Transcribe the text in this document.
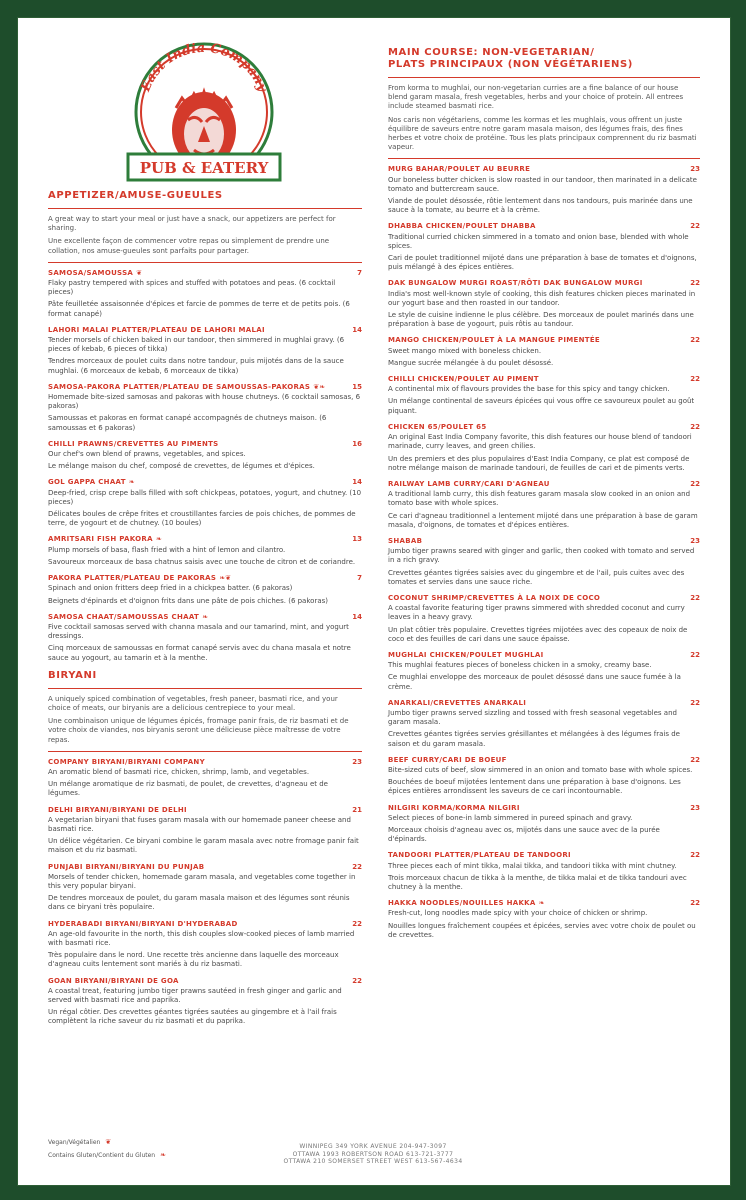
East India Company
PUB & EATERY
APPETIZER/AMUSE-GUEULES

A great way to start your meal or just have a snack, our appetizers are perfect for sharing.

Une excellente façon de commencer votre repas ou simplement de prendre une collation, nos amuse-gueules sont parfaits pour partager.

SAMOSA/SAMOUSSA ❦	7

Flaky pastry tempered with spices and stuffed with potatoes and peas. (6 cocktail pieces)

Pâte feuilletée assaisonnée d'épices et farcie de pommes de terre et de petits pois. (6 format canapé)

LAHORI MALAI PLATTER/PLATEAU DE LAHORI MALAI	14

Tender morsels of chicken baked in our tandoor, then simmered in mughlai gravy. (6 pieces of kebab, 6 pieces of tikka)

Tendres morceaux de poulet cuits dans notre tandour, puis mijotés dans de la sauce mughlai. (6 morceaux de kebab, 6 morceaux de tikka)

SAMOSA-PAKORA PLATTER/PLATEAU DE SAMOUSSAS-PAKORAS ❦❧	15

Homemade bite-sized samosas and pakoras with house chutneys. (6 cocktail samosas, 6 pakoras)

Samoussas et pakoras en format canapé accompagnés de chutneys maison. (6 samoussas et 6 pakoras)

CHILLI PRAWNS/CREVETTES AU PIMENTS	16

Our chef's own blend of prawns, vegetables, and spices.

Le mélange maison du chef, composé de crevettes, de légumes et d'épices.

GOL GAPPA CHAAT ❧	14

Deep-fried, crisp crepe balls filled with soft chickpeas, potatoes, yogurt, and chutney. (10 pieces)

Délicates boules de crêpe frites et croustillantes farcies de pois chiches, de pommes de terre, de yogourt et de chutney. (10 boules)

AMRITSARI FISH PAKORA ❧	13

Plump morsels of basa, flash fried with a hint of lemon and cilantro.

Savoureux morceaux de basa chatnus saisis avec une touche de citron et de coriandre.

PAKORA PLATTER/PLATEAU DE PAKORAS ❧❦	7

Spinach and onion fritters deep fried in a chickpea batter. (6 pakoras)

Beignets d'épinards et d'oignon frits dans une pâte de pois chiches. (6 pakoras)

SAMOSA CHAAT/SAMOUSSAS CHAAT ❧	14

Five cocktail samosas served with channa masala and our tamarind, mint, and yogurt dressings.

Cinq morceaux de samoussas en format canapé servis avec du chana masala et notre sauce au yogourt, au tamarin et à la menthe.

BIRYANI

A uniquely spiced combination of vegetables, fresh paneer, basmati rice, and your choice of meats, our biryanis are a delicious centrepiece to your meal.

Une combinaison unique de légumes épicés, fromage panir frais, de riz basmati et de votre choix de viandes, nos biryanis seront une délicieuse pièce maîtresse de votre repas.

COMPANY BIRYANI/BIRYANI COMPANY	23

An aromatic blend of basmati rice, chicken, shrimp, lamb, and vegetables.

Un mélange aromatique de riz basmati, de poulet, de crevettes, d'agneau et de légumes.

DELHI BIRYANI/BIRYANI DE DELHI	21

A vegetarian biryani that fuses garam masala with our homemade paneer cheese and basmati rice.

Un délice végétarien. Ce biryani combine le garam masala avec notre fromage panir fait maison et du riz basmati.

PUNJABI BIRYANI/BIRYANI DU PUNJAB	22

Morsels of tender chicken, homemade garam masala, and vegetables come together in this very popular biryani.

De tendres morceaux de poulet, du garam masala maison et des légumes sont réunis dans ce biryani très populaire.

HYDERABADI BIRYANI/BIRYANI D'HYDERABAD	22

An age-old favourite in the north, this dish couples slow-cooked pieces of lamb married with basmati rice.

Très populaire dans le nord. Une recette très ancienne dans laquelle des morceaux d'agneau cuits lentement sont mariés à du riz basmati.

GOAN BIRYANI/BIRYANI DE GOA	22

A coastal treat, featuring jumbo tiger prawns sautéed in fresh ginger and garlic and served with basmati rice and paprika.

Un régal côtier. Des crevettes géantes tigrées sautées au gingembre et à l'ail frais complètent la riche saveur du riz basmati et du paprika.

MAIN COURSE: NON-VEGETARIAN/
PLATS PRINCIPAUX (NON VÉGÉTARIENS)

From korma to mughlai, our non-vegetarian curries are a fine balance of our house blend garam masala, fresh vegetables, herbs and your choice of protein. All entrees include steamed basmati rice.

Nos caris non végétariens, comme les kormas et les mughlais, vous offrent un juste équilibre de saveurs entre notre garam masala maison, des légumes frais, des fines herbes et votre choix de protéine. Tous les plats principaux comprennent du riz basmati vapeur.

MURG BAHAR/POULET AU BEURRE	23

Our boneless butter chicken is slow roasted in our tandoor, then marinated in a delicate tomato and buttercream sauce.

Viande de poulet désossée, rôtie lentement dans nos tandours, puis marinée dans une sauce à la tomate, au beurre et à la crème.

DHABBA CHICKEN/POULET DHABBA	22

Traditional curried chicken simmered in a tomato and onion base, blended with whole spices.

Cari de poulet traditionnel mijoté dans une préparation à base de tomates et d'oignons, puis mélangé à des épices entières.

DAK BUNGALOW MURGI ROAST/RÔTI DAK BUNGALOW MURGI	22

India's most well-known style of cooking, this dish features chicken pieces marinated in our yogurt base and then roasted in our tandoor.

Le style de cuisine indienne le plus célèbre. Des morceaux de poulet marinés dans une préparation à base de yogourt, puis rôtis au tandour.

MANGO CHICKEN/POULET À LA MANGUE PIMENTÉE	22

Sweet mango mixed with boneless chicken.

Mangue sucrée mélangée à du poulet désossé.

CHILLI CHICKEN/POULET AU PIMENT	22

A continental mix of flavours provides the base for this spicy and tangy chicken.

Un mélange continental de saveurs épicées qui vous offre ce savoureux poulet au goût piquant.

CHICKEN 65/POULET 65	22

An original East India Company favorite, this dish features our house blend of tandoori marinade, curry leaves, and green chilies.

Un des premiers et des plus populaires d'East India Company, ce plat est composé de notre mélange maison de marinade tandouri, de feuilles de cari et de piments verts.

RAILWAY LAMB CURRY/CARI D'AGNEAU	22

A traditional lamb curry, this dish features garam masala slow cooked in an onion and tomato base with whole spices.

Ce cari d'agneau traditionnel a lentement mijoté dans une préparation à base de garam masala, d'oignons, de tomates et d'épices entières.

SHABAB	23

Jumbo tiger prawns seared with ginger and garlic, then cooked with tomato and served in a rich gravy.

Crevettes géantes tigrées saisies avec du gingembre et de l'ail, puis cuites avec des tomates et servies dans une sauce riche.

COCONUT SHRIMP/CREVETTES À LA NOIX DE COCO	22

A coastal favorite featuring tiger prawns simmered with shredded coconut and curry leaves in a heavy gravy.

Un plat côtier très populaire. Crevettes tigrées mijotées avec des copeaux de noix de coco et des feuilles de cari dans une sauce épaisse.

MUGHLAI CHICKEN/POULET MUGHLAI	22

This mughlai features pieces of boneless chicken in a smoky, creamy base.

Ce mughlai enveloppe des morceaux de poulet désossé dans une sauce fumée à la crème.

ANARKALI/CREVETTES ANARKALI	22

Jumbo tiger prawns served sizzling and tossed with fresh seasonal vegetables and garam masala.

Crevettes géantes tigrées servies grésillantes et mélangées à des légumes frais de saison et du garam masala.

BEEF CURRY/CARI DE BOEUF	22

Bite-sized cuts of beef, slow simmered in an onion and tomato base with whole spices.

Bouchées de boeuf mijotées lentement dans une préparation à base d'oignons. Les épices entières arrondissent les saveurs de ce cari incontournable.

NILGIRI KORMA/KORMA NILGIRI	23

Select pieces of bone-in lamb simmered in pureed spinach and gravy.

Morceaux choisis d'agneau avec os, mijotés dans une sauce avec de la purée d'épinards.

TANDOORI PLATTER/PLATEAU DE TANDOORI	22

Three pieces each of mint tikka, malai tikka, and tandoori tikka with mint chutney.

Trois morceaux chacun de tikka à la menthe, de tikka malai et de tikka tandouri avec chutney à la menthe.

HAKKA NOODLES/NOUILLES HAKKA ❧	22

Fresh-cut, long noodles made spicy with your choice of chicken or shrimp.

Nouilles longues fraîchement coupées et épicées, servies avec votre choix de poulet ou de crevettes.

Vegan/Végétalien ❦
Contains Gluten/Contient du Gluten ❧
WINNIPEG 349 YORK AVENUE 204-947-3097
OTTAWA 1993 ROBERTSON ROAD 613-721-3777
OTTAWA 210 SOMERSET STREET WEST 613-567-4634
